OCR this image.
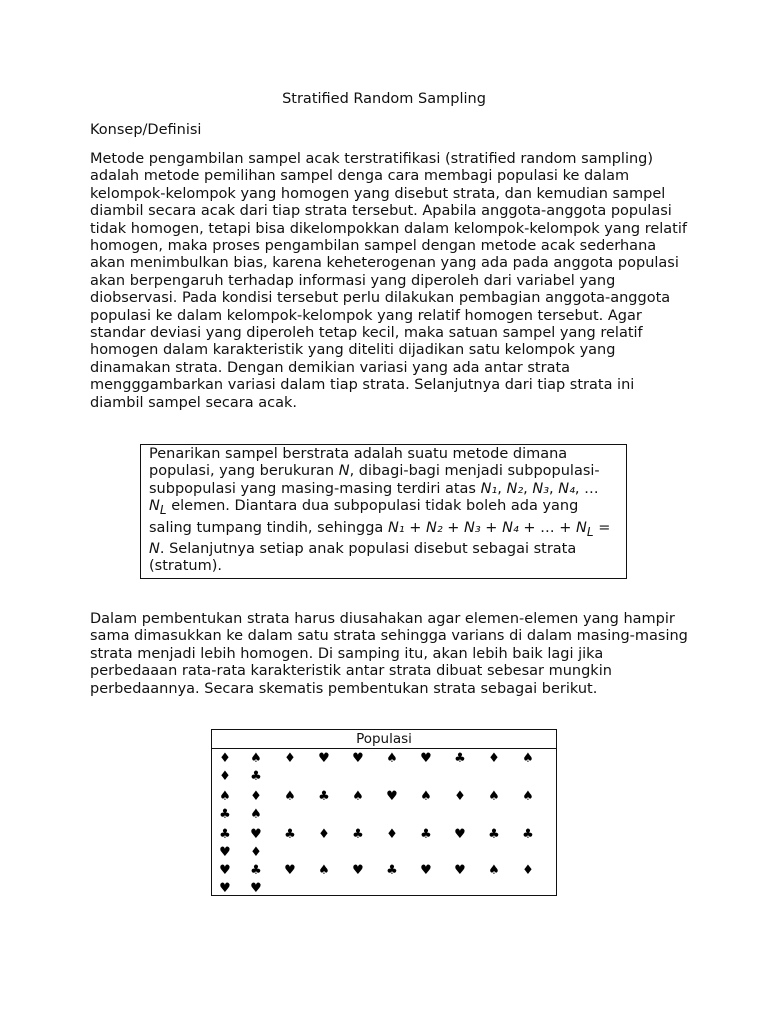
Stratified Random Sampling
Konsep/Definisi

Metode pengambilan sampel acak terstratifikasi (stratified random sampling) adalah metode pemilihan sampel denga cara membagi populasi ke dalam kelompok-kelompok yang homogen yang disebut strata, dan kemudian sampel diambil secara acak dari tiap strata tersebut. Apabila anggota-anggota populasi tidak homogen, tetapi bisa dikelompokkan dalam kelompok-kelompok yang relatif homogen, maka proses pengambilan sampel dengan metode acak sederhana akan menimbulkan bias, karena keheterogenan yang ada pada anggota populasi akan berpengaruh terhadap informasi yang diperoleh dari variabel yang diobservasi. Pada kondisi tersebut perlu dilakukan pembagian anggota-anggota populasi ke dalam kelompok-kelompok yang relatif homogen tersebut. Agar standar deviasi yang diperoleh tetap kecil, maka satuan sampel yang relatif homogen dalam karakteristik yang diteliti dijadikan satu kelompok yang dinamakan strata. Dengan demikian variasi yang ada antar strata mengggambarkan variasi dalam tiap strata. Selanjutnya dari tiap strata ini diambil sampel secara acak.

Penarikan sampel berstrata adalah suatu metode dimana populasi, yang berukuran N, dibagi-bagi menjadi subpopulasi-subpopulasi yang masing-masing terdiri atas N₁, N₂, N₃, N₄, … $N_L$ elemen. Diantara dua subpopulasi tidak boleh ada yang saling tumpang tindih, sehingga N₁ + N₂ + N₃ + N₄ + … + $N_L = N$. Selanjutnya setiap anak populasi disebut sebagai strata (stratum).

Dalam pembentukan strata harus diusahakan agar elemen-elemen yang hampir sama dimasukkan ke dalam satu strata sehingga varians di dalam masing-masing strata menjadi lebih homogen. Di samping itu, akan lebih baik lagi jika perbedaaan rata-rata karakteristik antar strata dibuat sebesar mungkin perbedaannya. Secara skematis pembentukan strata sebagai berikut.

Populasi
♦ ♠ ♦ ♥ ♥ ♠ ♥ ♣ ♦ ♠
♦ ♣
♠ ♦ ♠ ♣ ♠ ♥ ♠ ♦ ♠ ♠
♣ ♠
♣ ♥ ♣ ♦ ♣ ♦ ♣ ♥ ♣ ♣
♥ ♦
♥ ♣ ♥ ♠ ♥ ♣ ♥ ♥ ♠ ♦
♥ ♥
